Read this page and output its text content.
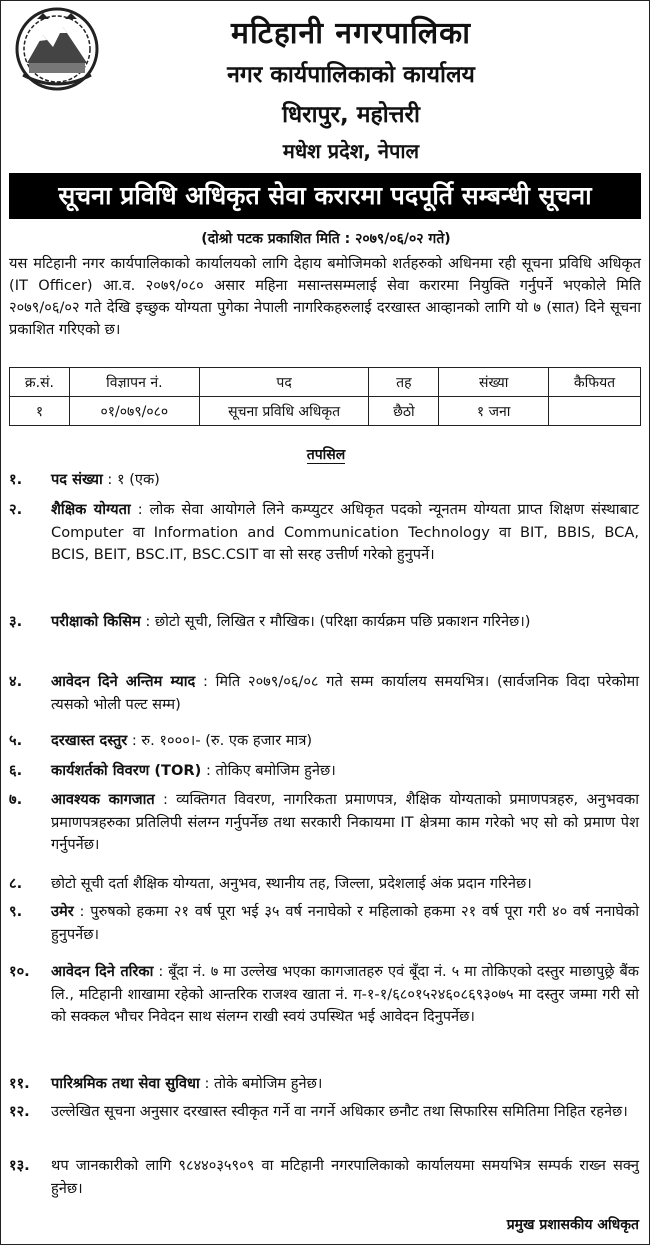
मटिहानी नगरपालिका
नगर कार्यपालिकाको कार्यालय
धिरापुर, महोत्तरी
मधेश प्रदेश, नेपाल
सूचना प्रविधि अधिकृत सेवा करारमा पदपूर्ति सम्बन्धी सूचना
(दोश्रो पटक प्रकाशित मिति : २०७९/०६/०२ गते)
यस मटिहानी नगर कार्यपालिकाको कार्यालयको लागि देहाय बमोजिमको शर्तहरुको अधिनमा रही सूचना प्रविधि अधिकृत (IT Officer) आ.व. २०७९/०८० असार महिना मसान्तसम्मलाई सेवा करारमा नियुक्ति गर्नुपर्ने भएकोले मिति २०७९/०६/०२ गते देखि इच्छुक योग्यता पुगेका नेपाली नागरिकहरुलाई दरखास्त आव्हानको लागि यो ७ (सात) दिने सूचना प्रकाशित गरिएको छ।
क्र.सं.	विज्ञापन नं.	पद	तह	संख्या	कैफियत
१	०१/०७९/०८०	सूचना प्रविधि अधिकृत	छैठो	१ जना	
तपसिल
१.	पद संख्या : १ (एक)
२.	शैक्षिक योग्यता : लोक सेवा आयोगले लिने कम्प्युटर अधिकृत पदको न्यूनतम योग्यता प्राप्त शिक्षण संस्थाबाट Computer वा Information and Communication Technology वा BIT, BBIS, BCA, BCIS, BEIT, BSC.IT, BSC.CSIT वा सो सरह उत्तीर्ण गरेको हुनुपर्ने।
३.	परीक्षाको किसिम : छोटो सूची, लिखित र मौखिक। (परिक्षा कार्यक्रम पछि प्रकाशन गरिनेछ।)
४.	आवेदन दिने अन्तिम म्याद : मिति २०७९/०६/०८ गते सम्म कार्यालय समयभित्र। (सार्वजनिक विदा परेकोमा त्यसको भोली पल्ट सम्म)
५.	दरखास्त दस्तुर : रु. १०००।- (रु. एक हजार मात्र)
६.	कार्यशर्तको विवरण (TOR) : तोकिए बमोजिम हुनेछ।
७.	आवश्यक कागजात : व्यक्तिगत विवरण, नागरिकता प्रमाणपत्र, शैक्षिक योग्यताको प्रमाणपत्रहरु, अनुभवका प्रमाणपत्रहरुका प्रतिलिपी संलग्न गर्नुपर्नेछ तथा सरकारी निकायमा IT क्षेत्रमा काम गरेको भए सो को प्रमाण पेश गर्नुपर्नेछ।
८.	छोटो सूची दर्ता शैक्षिक योग्यता, अनुभव, स्थानीय तह, जिल्ला, प्रदेशलाई अंक प्रदान गरिनेछ।
९.	उमेर : पुरुषको हकमा २१ वर्ष पूरा भई ३५ वर्ष ननाघेको र महिलाको हकमा २१ वर्ष पूरा गरी ४० वर्ष ननाघेको हुनुपर्नेछ।
१०.	आवेदन दिने तरिका : बूँदा नं. ७ मा उल्लेख भएका कागजातहरु एवं बूँदा नं. ५ मा तोकिएको दस्तुर माछापुछ्रे बैंक लि., मटिहानी शाखामा रहेको आन्तरिक राजश्व खाता नं. ग-१-१/६८०१५२४६०८६९३०७५ मा दस्तुर जम्मा गरी सो को सक्कल भौचर निवेदन साथ संलग्न राखी स्वयं उपस्थित भई आवेदन दिनुपर्नेछ।
११.	पारिश्रमिक तथा सेवा सुविधा : तोके बमोजिम हुनेछ।
१२.	उल्लेखित सूचना अनुसार दरखास्त स्वीकृत गर्ने वा नगर्ने अधिकार छनौट तथा सिफारिस समितिमा निहित रहनेछ।
१३.	थप जानकारीको लागि ९८४४०३५९०९ वा मटिहानी नगरपालिकाको कार्यालयमा समयभित्र सम्पर्क राख्न सक्नु हुनेछ।
प्रमुख प्रशासकीय अधिकृत
